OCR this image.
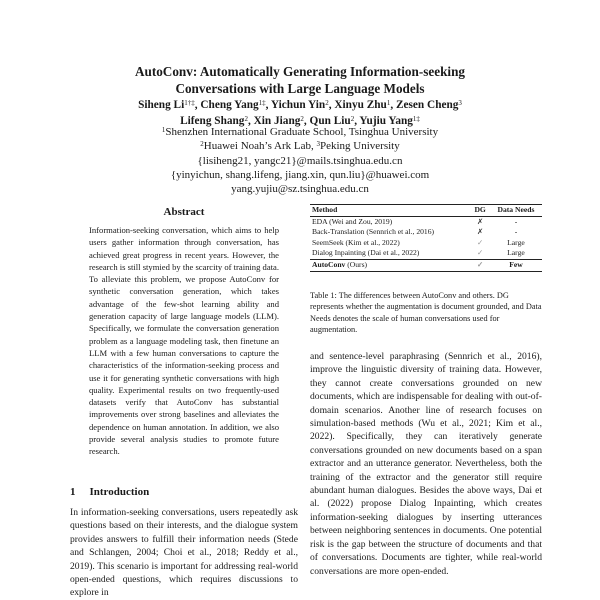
AutoConv: Automatically Generating Information-seeking
Conversations with Large Language Models
Siheng $Li^{1\dagger\ddagger}$, Cheng Yang$^{1\ddagger}$, Yichun Yin$^2$, Xinyu Zhu$^1$, Zesen Cheng$^3$
Lifeng Shang$^2$, Xin Jiang$^2$, Qun Liu$^2$, Yujiu Yang$^{1\ddagger}$
$^1$Shenzhen International Graduate School, Tsinghua University
$^2$Huawei Noah’s Ark Lab, $^3$Peking University
{lisiheng21, yangc21}@mails.tsinghua.edu.cn
{yinyichun, shang.lifeng, jiang.xin, qun.liu}@huawei.com
yang.yujiu@sz.tsinghua.edu.cn
Abstract

Information-seeking conversation, which aims to help users gather information through conversation, has achieved great progress in recent years. However, the research is still stymied by the scarcity of training data. To alleviate this problem, we propose AutoConv for synthetic conversation generation, which takes advantage of the few-shot learning ability and generation capacity of large language models (LLM). Specifically, we formulate the conversation generation problem as a language modeling task, then finetune an LLM with a few human conversations to capture the characteristics of the information-seeking process and use it for generating synthetic conversations with high quality. Experimental results on two frequently-used datasets verify that AutoConv has substantial improvements over strong baselines and alleviates the dependence on human annotation. In addition, we also provide several analysis studies to promote future research.

1 Introduction

In information-seeking conversations, users repeatedly ask questions based on their interests, and the dialogue system provides answers to fulfill their information needs (Stede and Schlangen, 2004; Choi et al., 2018; Reddy et al., 2019). This scenario is important for addressing real-world open-ended questions, which requires discussions to explore in

Method	DG	Data Needs
EDA (Wei and Zou, 2019)	✗	-
Back-Translation (Sennrich et al., 2016)	✗	-
SeemSeek (Kim et al., 2022)	✓	Large
Dialog Inpainting (Dai et al., 2022)	✓	Large
AutoConv (Ours)	✓	Few
Table 1: The differences between AutoConv and others. DG represents whether the augmentation is document grounded, and Data Needs denotes the scale of human conversations used for augmentation.

and sentence-level paraphrasing (Sennrich et al., 2016), improve the linguistic diversity of training data. However, they cannot create conversations grounded on new documents, which are indispensable for dealing with out-of-domain scenarios. Another line of research focuses on simulation-based methods (Wu et al., 2021; Kim et al., 2022). Specifically, they can iteratively generate conversations grounded on new documents based on a span extractor and an utterance generator. Nevertheless, both the training of the extractor and the generator still require abundant human dialogues. Besides the above ways, Dai et al. (2022) propose Dialog Inpainting, which creates information-seeking dialogues by inserting utterances between neighboring sentences in documents. One potential risk is the gap between the structure of documents and that of conversations. Documents are tighter, while real-world conversations are more open-ended.
